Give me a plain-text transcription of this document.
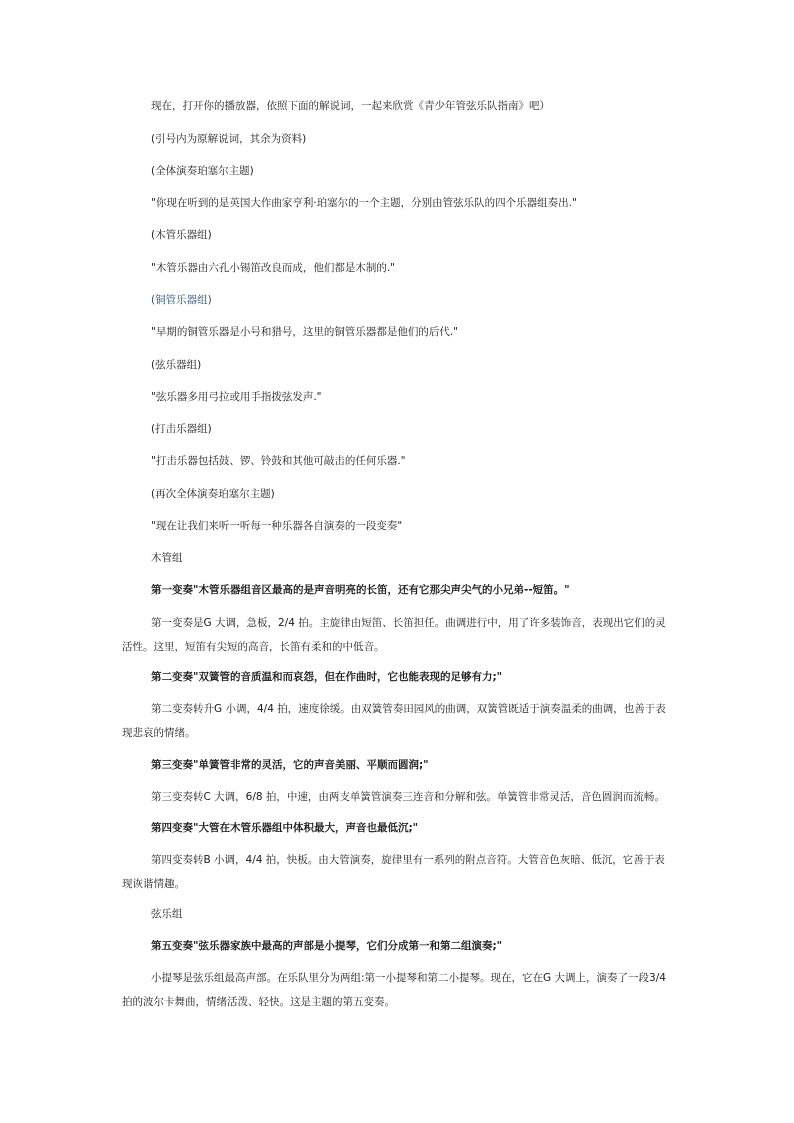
现在，打开你的播放器，依照下面的解说词，一起来欣赏《青少年管弦乐队指南》吧）
(引号内为原解说词，其余为资料)
(全体演奏珀塞尔主题)
"你现在听到的是英国大作曲家亨利·珀塞尔的一个主题，分别由管弦乐队的四个乐器组奏出."
(木管乐器组)
"木管乐器由六孔小锡笛改良而成，他们都是木制的."
(铜管乐器组)
"早期的铜管乐器是小号和猎号，这里的铜管乐器都是他们的后代."
(弦乐器组)
"弦乐器多用弓拉或用手指拨弦发声."
(打击乐器组)
"打击乐器包括鼓、锣、铃鼓和其他可敲击的任何乐器."
(再次全体演奏珀塞尔主题)
"现在让我们来听一听每一种乐器各自演奏的一段变奏"
木管组
第一变奏"木管乐器组音区最高的是声音明亮的长笛，还有它那尖声尖气的小兄弟--短笛。"
第一变奏是G 大调，急板，2/4 拍。主旋律由短笛、长笛担任。曲调进行中，用了许多装饰音，表现出它们的灵活性。这里，短笛有尖短的高音，长笛有柔和的中低音。
第二变奏"双簧管的音质温和而哀怨，但在作曲时，它也能表现的足够有力;"
第二变奏转升G 小调，4/4 拍，速度徐缓。由双簧管奏田园风的曲调，双簧管既适于演奏温柔的曲调，也善于表现悲哀的情绪。
第三变奏"单簧管非常的灵活，它的声音美丽、平顺而圆润;"
第三变奏转C 大调，6/8 拍，中速，由两支单簧管演奏三连音和分解和弦。单簧管非常灵活，音色圆润而流畅。
第四变奏"大管在木管乐器组中体积最大，声音也最低沉;"
第四变奏转B 小调，4/4 拍，快板。由大管演奏，旋律里有一系列的附点音符。大管音色灰暗、低沉，它善于表现诙谐情趣。
弦乐组
第五变奏"弦乐器家族中最高的声部是小提琴，它们分成第一和第二组演奏;"
小提琴是弦乐组最高声部。在乐队里分为两组:第一小提琴和第二小提琴。现在，它在G 大调上，演奏了一段3/4拍的波尔卡舞曲，情绪活泼、轻快。这是主题的第五变奏。
